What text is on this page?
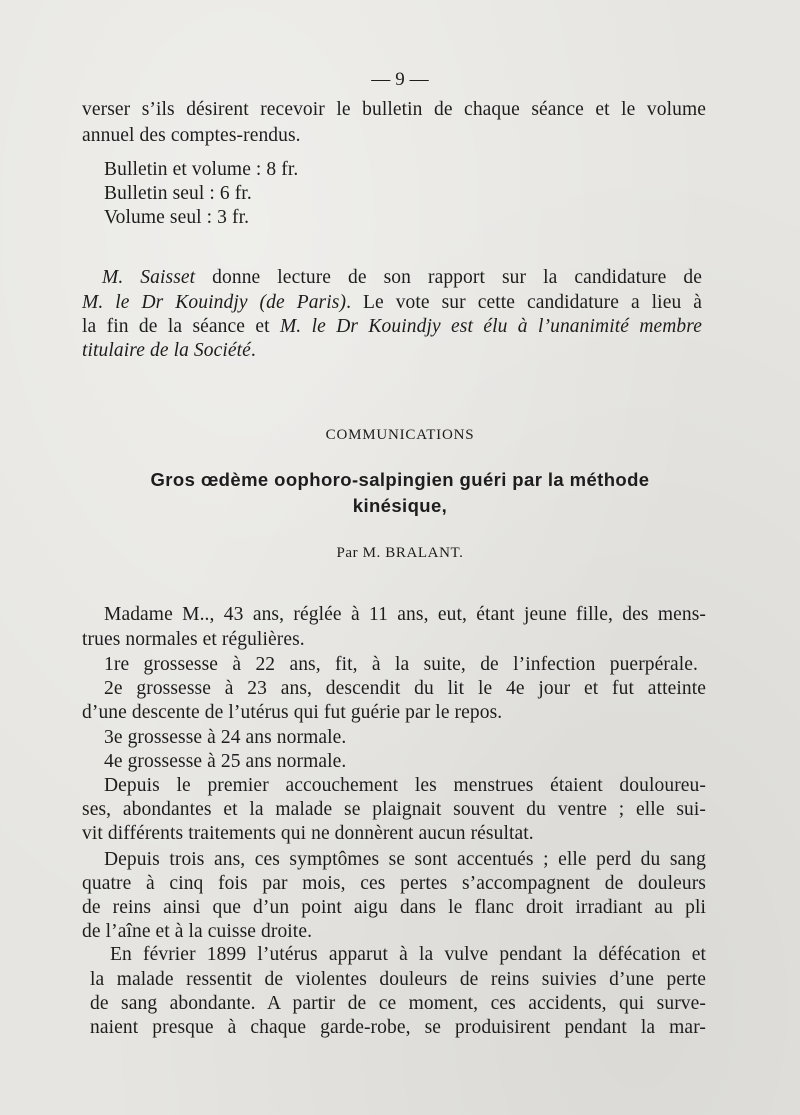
— 9 —
verser s’ils désirent recevoir le bulletin de chaque séance et le volume
annuel des comptes-rendus.
Bulletin et volume : 8 fr.
Bulletin seul : 6 fr.
Volume seul : 3 fr.
M. Saisset donne lecture de son rapport sur la candidature de
M. le Dr Kouindjy (de Paris). Le vote sur cette candidature a lieu à
la fin de la séance et M. le Dr Kouindjy est élu à l’unanimité membre
titulaire de la Société.
COMMUNICATIONS
Gros œdème oophoro-salpingien guéri par la méthode
kinésique,
Par M. BRALANT.
Madame M.., 43 ans, réglée à 11 ans, eut, étant jeune fille, des mens-
trues normales et régulières.
1re grossesse à 22 ans, fit, à la suite, de l’infection puerpérale.
2e grossesse à 23 ans, descendit du lit le 4e jour et fut atteinte
d’une descente de l’utérus qui fut guérie par le repos.
3e grossesse à 24 ans normale.
4e grossesse à 25 ans normale.
Depuis le premier accouchement les menstrues étaient douloureu-
ses, abondantes et la malade se plaignait souvent du ventre ; elle sui-
vit différents traitements qui ne donnèrent aucun résultat.
Depuis trois ans, ces symptômes se sont accentués ; elle perd du sang
quatre à cinq fois par mois, ces pertes s’accompagnent de douleurs
de reins ainsi que d’un point aigu dans le flanc droit irradiant au pli
de l’aîne et à la cuisse droite.
En février 1899 l’utérus apparut à la vulve pendant la défécation et
la malade ressentit de violentes douleurs de reins suivies d’une perte
de sang abondante. A partir de ce moment, ces accidents, qui surve-
naient presque à chaque garde-robe, se produisirent pendant la mar-
